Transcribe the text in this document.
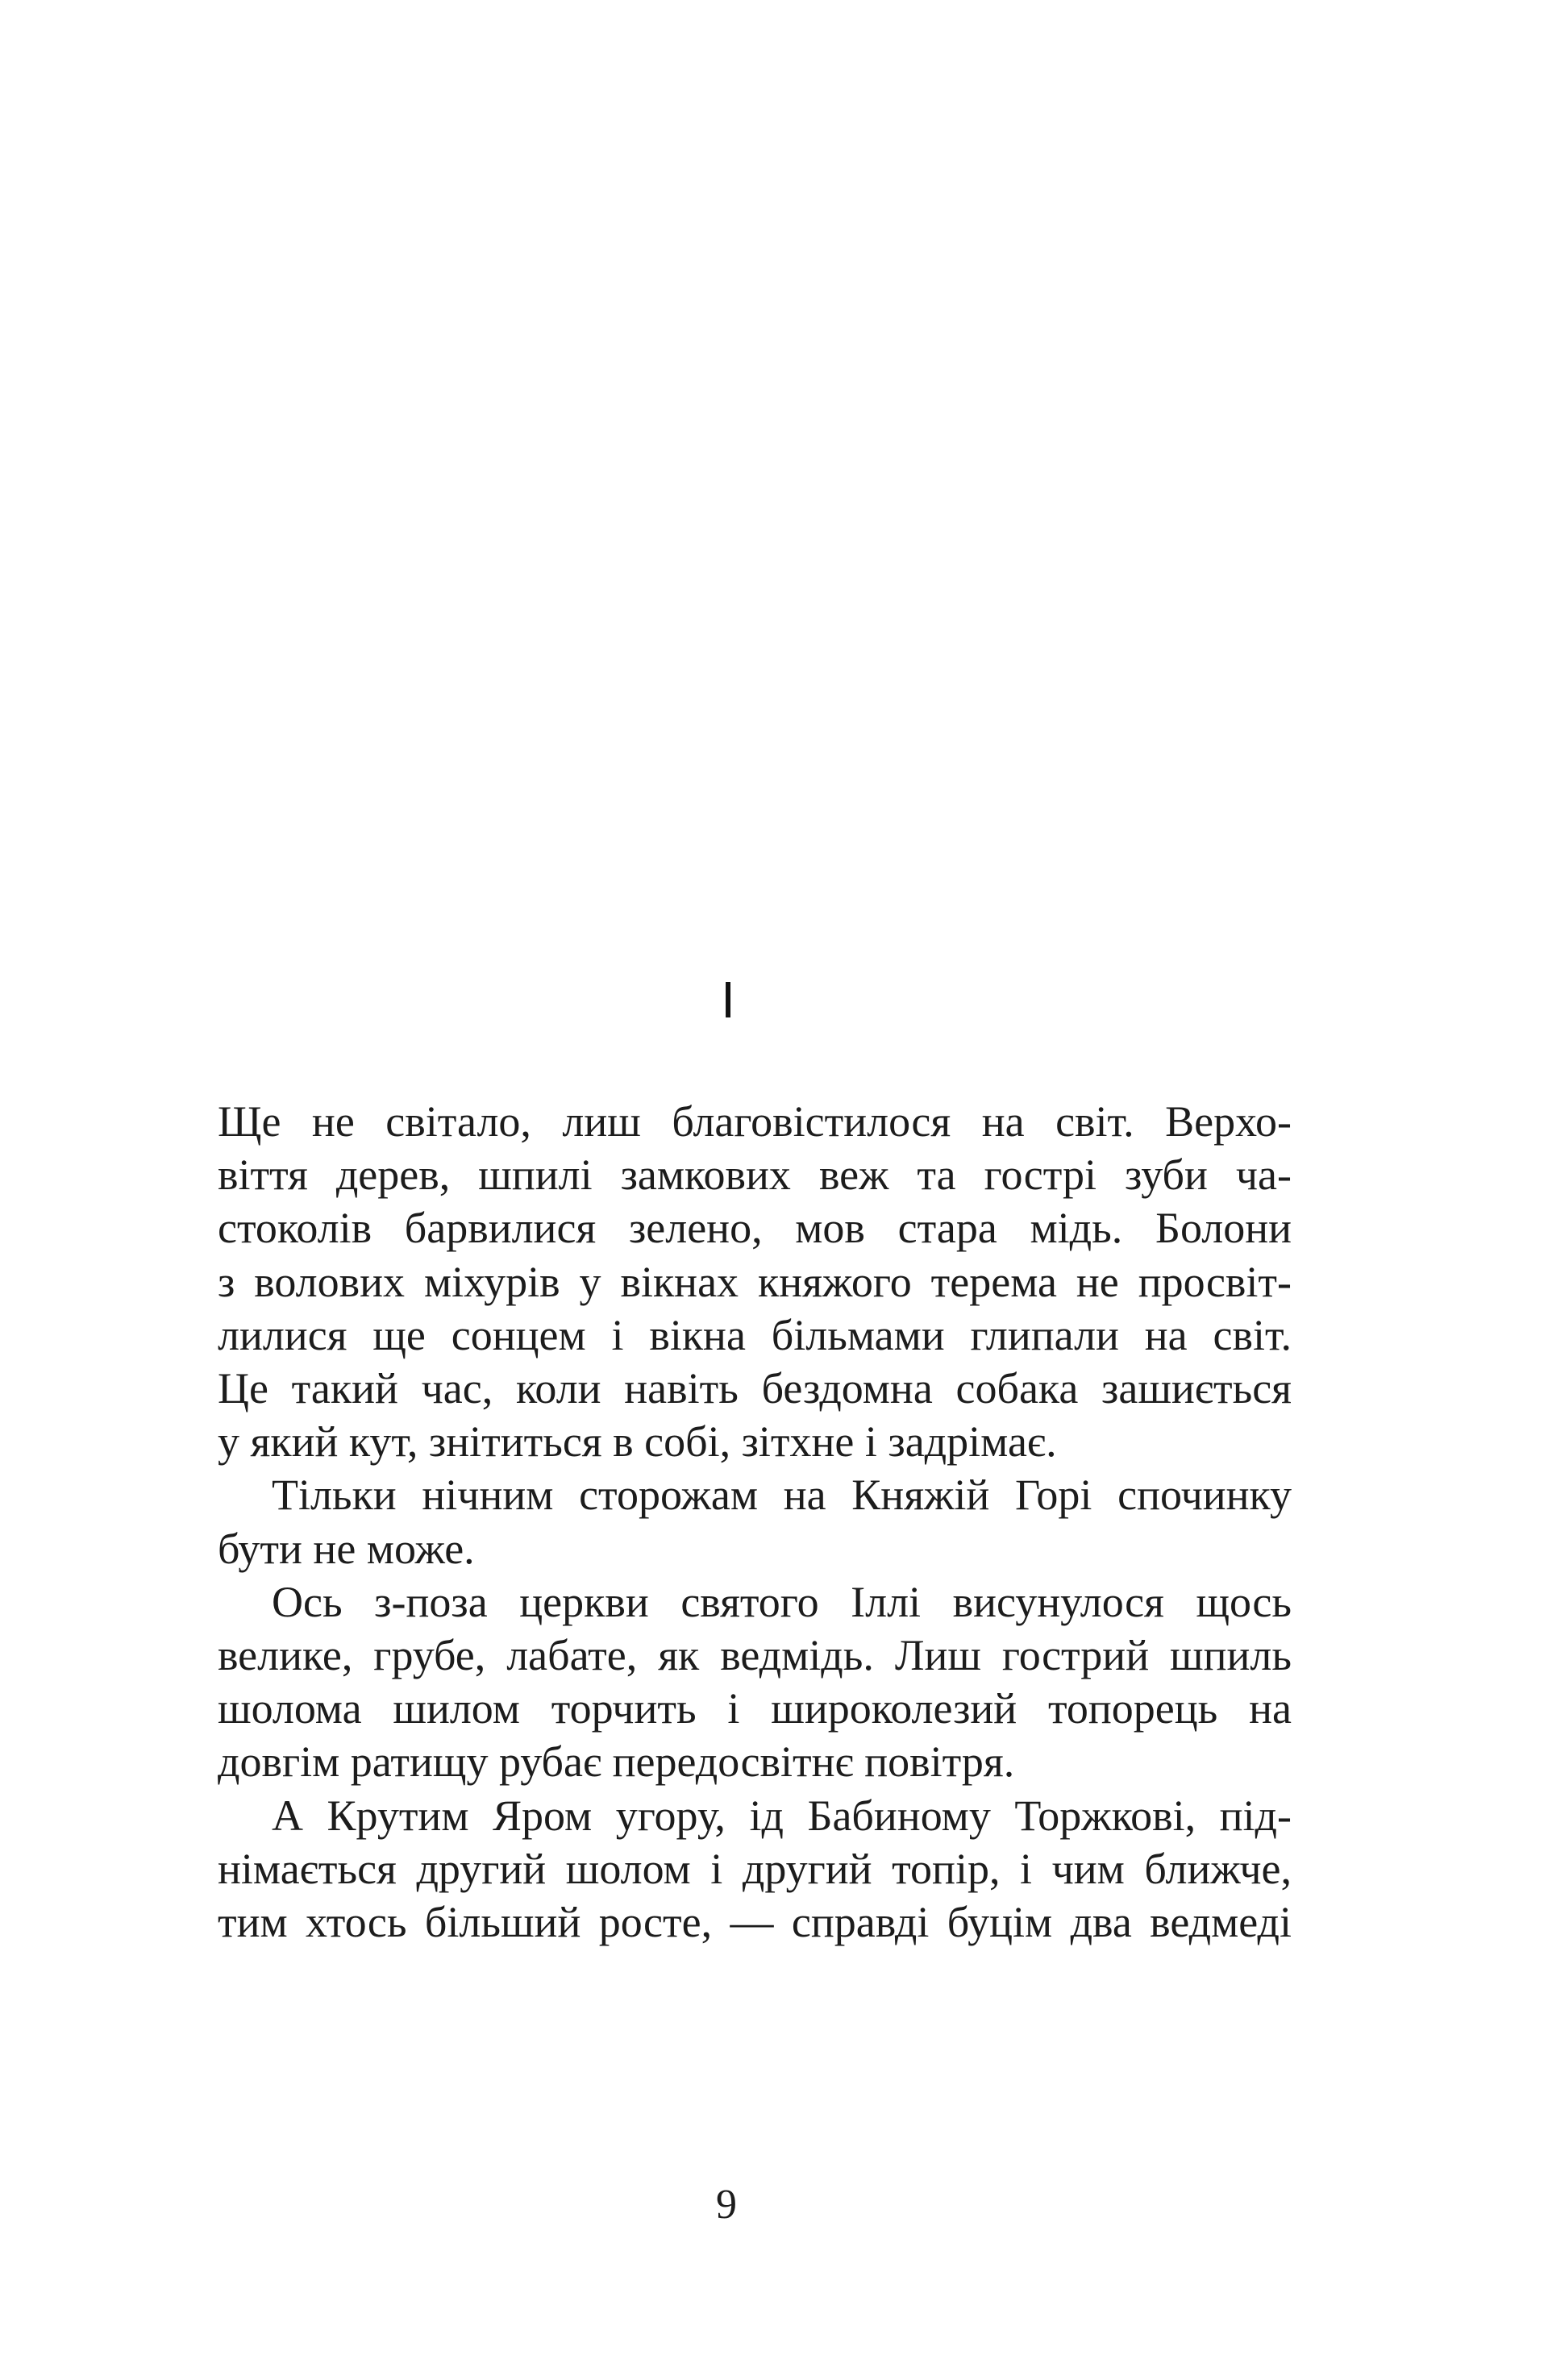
I

Ще не світало, лиш благовістилося на світ. Верхо-
віття дерев, шпилі замкових веж та гострі зуби ча-
стоколів барвилися зелено, мов стара мідь. Болони
з волових міхурів у вікнах княжого терема не просвіт-
лилися ще сонцем і вікна більмами глипали на світ.
Це такий час, коли навіть бездомна собака зашиється
у який кут, знітиться в собі, зітхне і задрімає.

Тільки нічним сторожам на Княжій Горі спочинку
бути не може.

Ось з-поза церкви святого Іллі висунулося щось
велике, грубе, лабате, як ведмідь. Лиш гострий шпиль
шолома шилом торчить і широколезий топорець на
довгім ратищу рубає передосвітнє повітря.

А Крутим Яром угору, ід Бабиному Торжкові, під-
німається другий шолом і другий топір, і чим ближче,
тим хтось більший росте, — справді буцім два ведмеді

9
